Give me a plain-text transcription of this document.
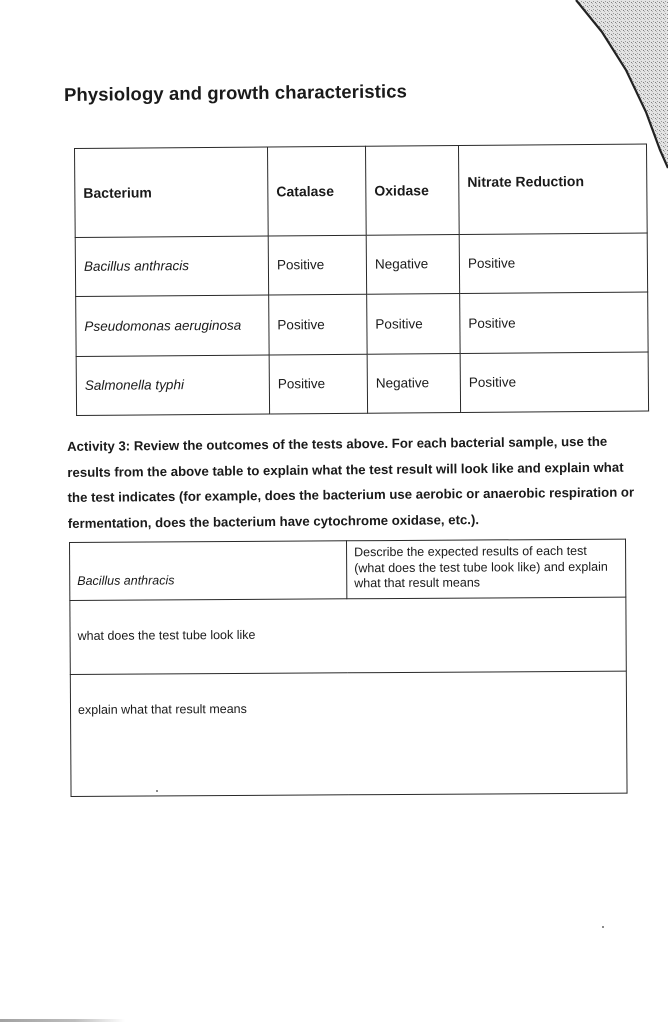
Physiology and growth characteristics
Bacterium	Catalase	Oxidase	Nitrate Reduction
Bacillus anthracis	Positive	Negative	Positive
Pseudomonas aeruginosa	Positive	Positive	Positive
Salmonella typhi	Positive	Negative	Positive
Activity 3: Review the outcomes of the tests above. For each bacterial sample, use the results from the above table to explain what the test result will look like and explain what the test indicates (for example, does the bacterium use aerobic or anaerobic respiration or fermentation, does the bacterium have cytochrome oxidase, etc.).
Bacillus anthracis	Describe the expected results of each test (what does the test tube look like) and explain what that result means
what does the test tube look like
explain what that result means
